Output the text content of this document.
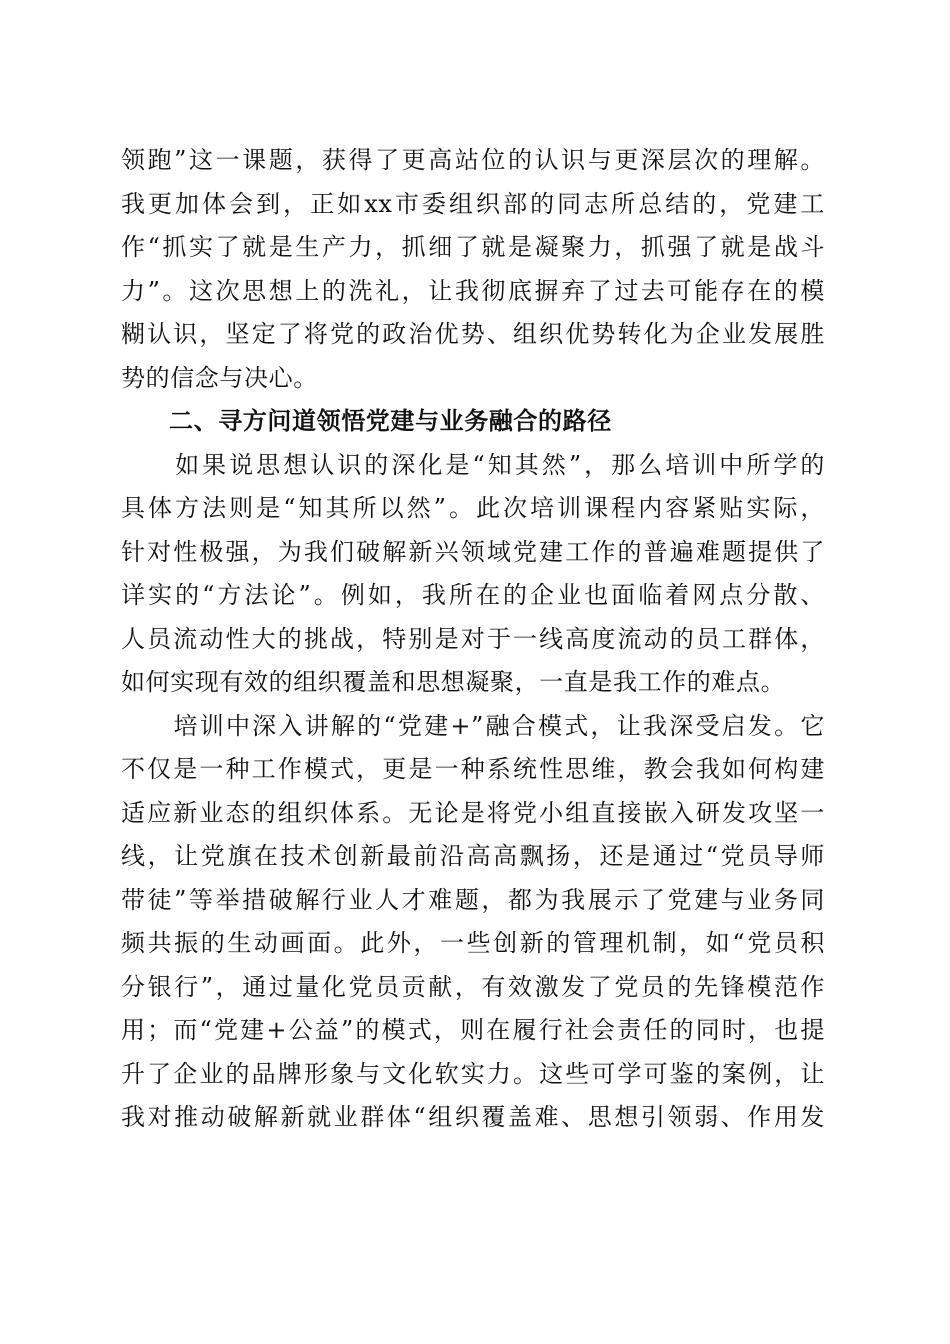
领跑”这一课题，获得了更高站位的认识与更深层次的理解。
我更加体会到，正如xx市委组织部的同志所总结的，党建工
作“抓实了就是生产力，抓细了就是凝聚力，抓强了就是战斗
力”。这次思想上的洗礼，让我彻底摒弃了过去可能存在的模
糊认识，坚定了将党的政治优势、组织优势转化为企业发展胜
势的信念与决心。
二、寻方问道领悟党建与业务融合的路径
　　如果说思想认识的深化是“知其然”，那么培训中所学的
具体方法则是“知其所以然”。此次培训课程内容紧贴实际，
针对性极强，为我们破解新兴领域党建工作的普遍难题提供了
详实的“方法论”。例如，我所在的企业也面临着网点分散、
人员流动性大的挑战，特别是对于一线高度流动的员工群体，
如何实现有效的组织覆盖和思想凝聚，一直是我工作的难点。
　　培训中深入讲解的“党建+”融合模式，让我深受启发。它
不仅是一种工作模式，更是一种系统性思维，教会我如何构建
适应新业态的组织体系。无论是将党小组直接嵌入研发攻坚一
线，让党旗在技术创新最前沿高高飘扬，还是通过“党员导师
带徒”等举措破解行业人才难题，都为我展示了党建与业务同
频共振的生动画面。此外，一些创新的管理机制，如“党员积
分银行”，通过量化党员贡献，有效激发了党员的先锋模范作
用；而“党建+公益”的模式，则在履行社会责任的同时，也提
升了企业的品牌形象与文化软实力。这些可学可鉴的案例，让
我对推动破解新就业群体“组织覆盖难、思想引领弱、作用发
